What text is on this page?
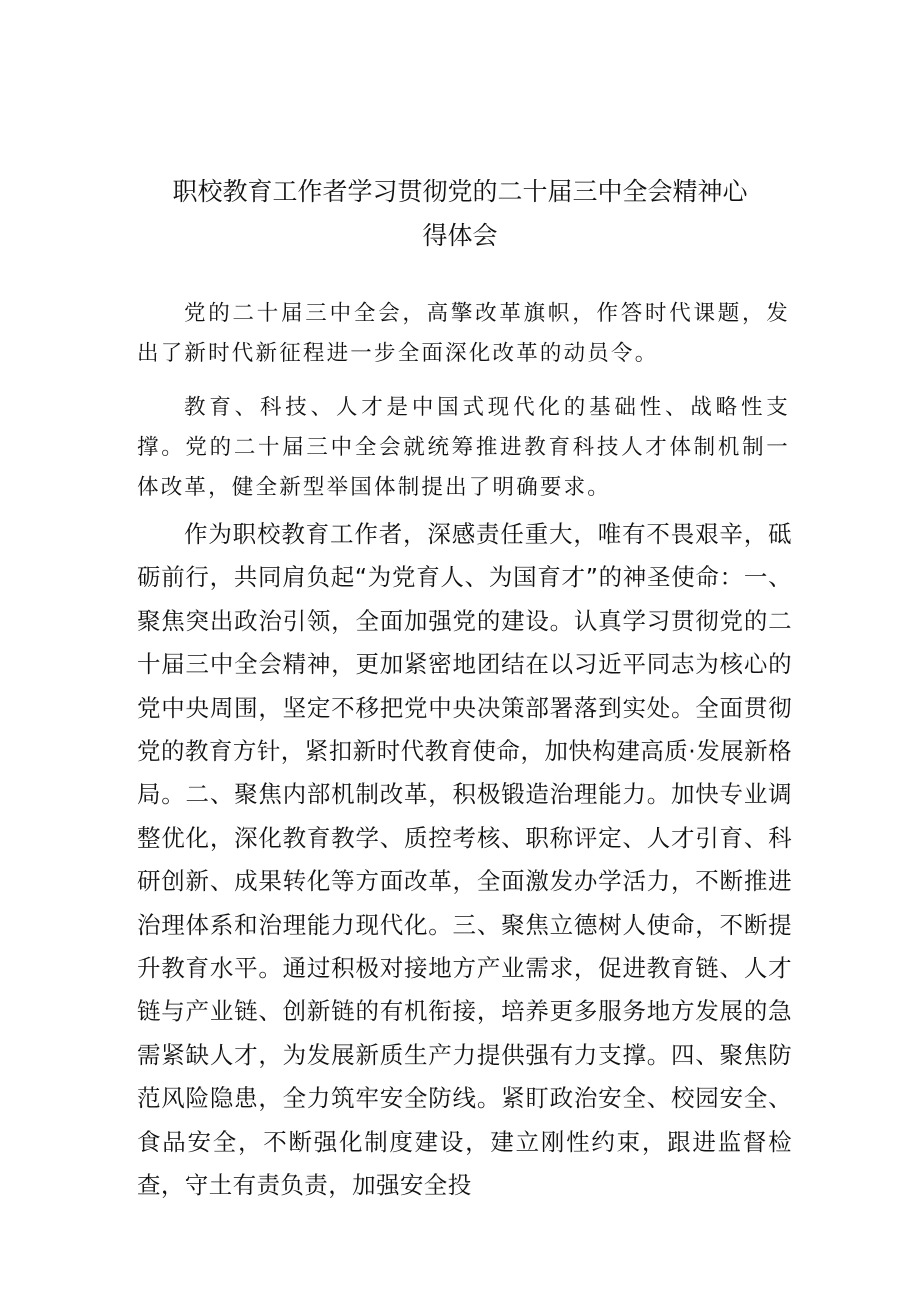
职校教育工作者学习贯彻党的二十届三中全会精神心
得体会

党的二十届三中全会，高擎改革旗帜，作答时代课题，发出了新时代新征程进一步全面深化改革的动员令。

教育、科技、人才是中国式现代化的基础性、战略性支撑。党的二十届三中全会就统筹推进教育科技人才体制机制一体改革，健全新型举国体制提出了明确要求。

作为职校教育工作者，深感责任重大，唯有不畏艰辛，砥砺前行，共同肩负起“为党育人、为国育才”的神圣使命：一、聚焦突出政治引领，全面加强党的建设。认真学习贯彻党的二十届三中全会精神，更加紧密地团结在以习近平同志为核心的党中央周围，坚定不移把党中央决策部署落到实处。全面贯彻党的教育方针，紧扣新时代教育使命，加快构建高质·发展新格局。二、聚焦内部机制改革，积极锻造治理能力。加快专业调整优化，深化教育教学、质控考核、职称评定、人才引育、科研创新、成果转化等方面改革，全面激发办学活力，不断推进治理体系和治理能力现代化。三、聚焦立德树人使命，不断提升教育水平。通过积极对接地方产业需求，促进教育链、人才链与产业链、创新链的有机衔接，培养更多服务地方发展的急需紧缺人才，为发展新质生产力提供强有力支撑。四、聚焦防范风险隐患，全力筑牢安全防线。紧盯政治安全、校园安全、食品安全，不断强化制度建设，建立刚性约束，跟进监督检查，守土有责负责，加强安全投
